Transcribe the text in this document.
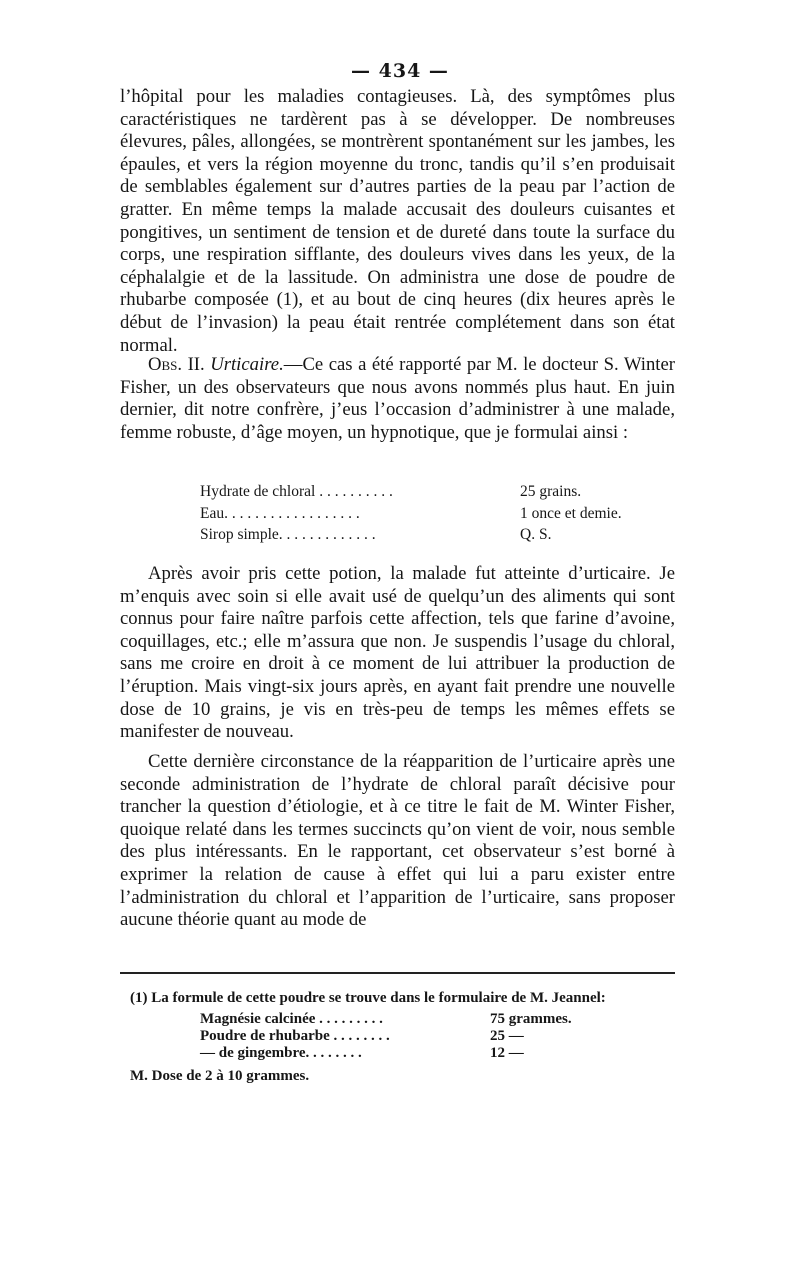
— 434 —

l’hôpital pour les maladies contagieuses. Là, des symptômes plus caractéristiques ne tardèrent pas à se développer. De nombreuses élevures, pâles, allongées, se montrèrent spontanément sur les jambes, les épaules, et vers la région moyenne du tronc, tandis qu’il s’en produisait de semblables également sur d’autres parties de la peau par l’action de gratter. En même temps la malade accusait des douleurs cuisantes et pongitives, un sentiment de tension et de dureté dans toute la surface du corps, une respiration sifflante, des douleurs vives dans les yeux, de la céphalalgie et de la lassitude. On administra une dose de poudre de rhubarbe composée (1), et au bout de cinq heures (dix heures après le début de l’invasion) la peau était rentrée complétement dans son état normal.

Obs. II. Urticaire.—Ce cas a été rapporté par M. le docteur S. Winter Fisher, un des observateurs que nous avons nommés plus haut. En juin dernier, dit notre confrère, j’eus l’occasion d’administrer à une malade, femme robuste, d’âge moyen, un hypnotique, que je formulai ainsi :

Hydrate de chloral . . . . . . . . . .	25 grains.
Eau. . . . . . . . . . . . . . . . . .	1 once et demie.
Sirop simple. . . . . . . . . . . . .	Q. S.

Après avoir pris cette potion, la malade fut atteinte d’urticaire. Je m’enquis avec soin si elle avait usé de quelqu’un des aliments qui sont connus pour faire naître parfois cette affection, tels que farine d’avoine, coquillages, etc.; elle m’assura que non. Je suspendis l’usage du chloral, sans me croire en droit à ce moment de lui attribuer la production de l’éruption. Mais vingt-six jours après, en ayant fait prendre une nouvelle dose de 10 grains, je vis en très-peu de temps les mêmes effets se manifester de nouveau.

Cette dernière circonstance de la réapparition de l’urticaire après une seconde administration de l’hydrate de chloral paraît décisive pour trancher la question d’étiologie, et à ce titre le fait de M. Winter Fisher, quoique relaté dans les termes succincts qu’on vient de voir, nous semble des plus intéressants. En le rapportant, cet observateur s’est borné à exprimer la relation de cause à effet qui lui a paru exister entre l’administration du chloral et l’apparition de l’urticaire, sans proposer aucune théorie quant au mode de

(1) La formule de cette poudre se trouve dans le formulaire de M. Jeannel:

Magnésie calcinée . . . . . . . . .	75 grammes.
Poudre de rhubarbe . . . . . . . .	25 —
— de gingembre. . . . . . . .	12 —

M. Dose de 2 à 10 grammes.
